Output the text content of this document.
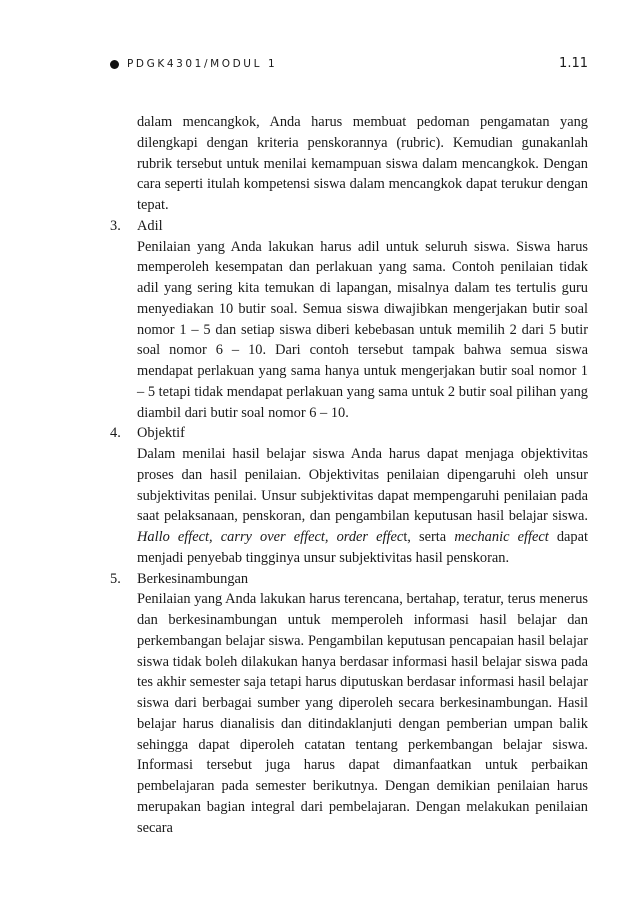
PDGK4301/MODUL 1	1.11

dalam mencangkok, Anda harus membuat pedoman pengamatan yang dilengkapi dengan kriteria penskorannya (rubric). Kemudian gunakanlah rubrik tersebut untuk menilai kemampuan siswa dalam mencangkok. Dengan cara seperti itulah kompetensi siswa dalam mencangkok dapat terukur dengan tepat.

3. Adil

Penilaian yang Anda lakukan harus adil untuk seluruh siswa. Siswa harus memperoleh kesempatan dan perlakuan yang sama. Contoh penilaian tidak adil yang sering kita temukan di lapangan, misalnya dalam tes tertulis guru menyediakan 10 butir soal. Semua siswa diwajibkan mengerjakan butir soal nomor 1 – 5 dan setiap siswa diberi kebebasan untuk memilih 2 dari 5 butir soal nomor 6 – 10. Dari contoh tersebut tampak bahwa semua siswa mendapat perlakuan yang sama hanya untuk mengerjakan butir soal nomor 1 – 5 tetapi tidak mendapat perlakuan yang sama untuk 2 butir soal pilihan yang diambil dari butir soal nomor 6 – 10.

4. Objektif

Dalam menilai hasil belajar siswa Anda harus dapat menjaga objektivitas proses dan hasil penilaian. Objektivitas penilaian dipengaruhi oleh unsur subjektivitas penilai. Unsur subjektivitas dapat mempengaruhi penilaian pada saat pelaksanaan, penskoran, dan pengambilan keputusan hasil belajar siswa. Hallo effect, carry over effect, order effect, serta mechanic effect dapat menjadi penyebab tingginya unsur subjektivitas hasil penskoran.

5. Berkesinambungan

Penilaian yang Anda lakukan harus terencana, bertahap, teratur, terus menerus dan berkesinambungan untuk memperoleh informasi hasil belajar dan perkembangan belajar siswa. Pengambilan keputusan pencapaian hasil belajar siswa tidak boleh dilakukan hanya berdasar informasi hasil belajar siswa pada tes akhir semester saja tetapi harus diputuskan berdasar informasi hasil belajar siswa dari berbagai sumber yang diperoleh secara berkesinambungan. Hasil belajar harus dianalisis dan ditindaklanjuti dengan pemberian umpan balik sehingga dapat diperoleh catatan tentang perkembangan belajar siswa. Informasi tersebut juga harus dapat dimanfaatkan untuk perbaikan pembelajaran pada semester berikutnya. Dengan demikian penilaian harus merupakan bagian integral dari pembelajaran. Dengan melakukan penilaian secara
